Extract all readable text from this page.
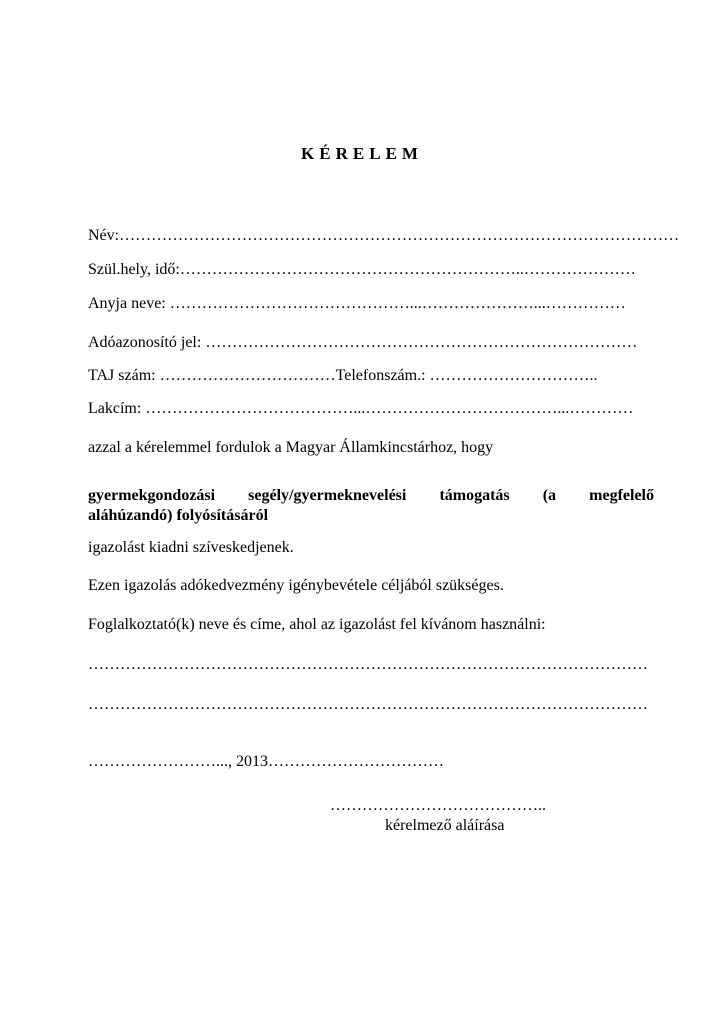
KÉRELEM
Név:……………………………………………………………………………………………
Szül.hely, idő:………………………………………………………..…………………
Anyja neve: ………………………………………...…………………...……………
Adóazonosító jel: ………………………………………………………………………
TAJ szám: ……………………………Telefonszám.: …………………………..
Lakcím: …………………………………...………………………………...…………
azzal a kérelemmel fordulok a Magyar Államkincstárhoz, hogy
gyermekgondozási segély/gyermeknevelési támogatás (a megfelelő
aláhúzandó) folyósításáról
igazolást kiadni szíveskedjenek.
Ezen igazolás adókedvezmény igénybevétele céljából szükséges.
Foglalkoztató(k) neve és címe, ahol az igazolást fel kívánom használni:
……………………………………………………………………………………………
……………………………………………………………………………………………
……………………..., 2013……………………………
…………………………………..
kérelmező aláírása
